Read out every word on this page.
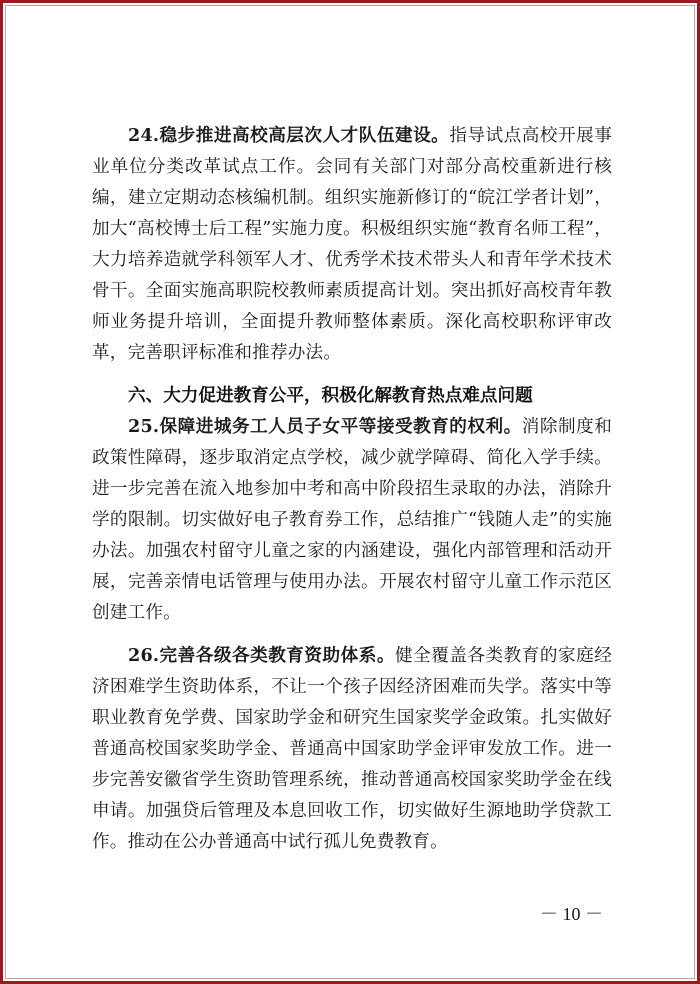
24.稳步推进高校高层次人才队伍建设。指导试点高校开展事业单位分类改革试点工作。会同有关部门对部分高校重新进行核编，建立定期动态核编机制。组织实施新修订的“皖江学者计划”，加大“高校博士后工程”实施力度。积极组织实施“教育名师工程”，大力培养造就学科领军人才、优秀学术技术带头人和青年学术技术骨干。全面实施高职院校教师素质提高计划。突出抓好高校青年教师业务提升培训，全面提升教师整体素质。深化高校职称评审改革，完善职评标准和推荐办法。

六、大力促进教育公平，积极化解教育热点难点问题

25.保障进城务工人员子女平等接受教育的权利。消除制度和政策性障碍，逐步取消定点学校，减少就学障碍、简化入学手续。进一步完善在流入地参加中考和高中阶段招生录取的办法，消除升学的限制。切实做好电子教育券工作，总结推广“钱随人走”的实施办法。加强农村留守儿童之家的内涵建设，强化内部管理和活动开展，完善亲情电话管理与使用办法。开展农村留守儿童工作示范区创建工作。

26.完善各级各类教育资助体系。健全覆盖各类教育的家庭经济困难学生资助体系，不让一个孩子因经济困难而失学。落实中等职业教育免学费、国家助学金和研究生国家奖学金政策。扎实做好普通高校国家奖助学金、普通高中国家助学金评审发放工作。进一步完善安徽省学生资助管理系统，推动普通高校国家奖助学金在线申请。加强贷后管理及本息回收工作，切实做好生源地助学贷款工作。推动在公办普通高中试行孤儿免费教育。

－ 10 －
